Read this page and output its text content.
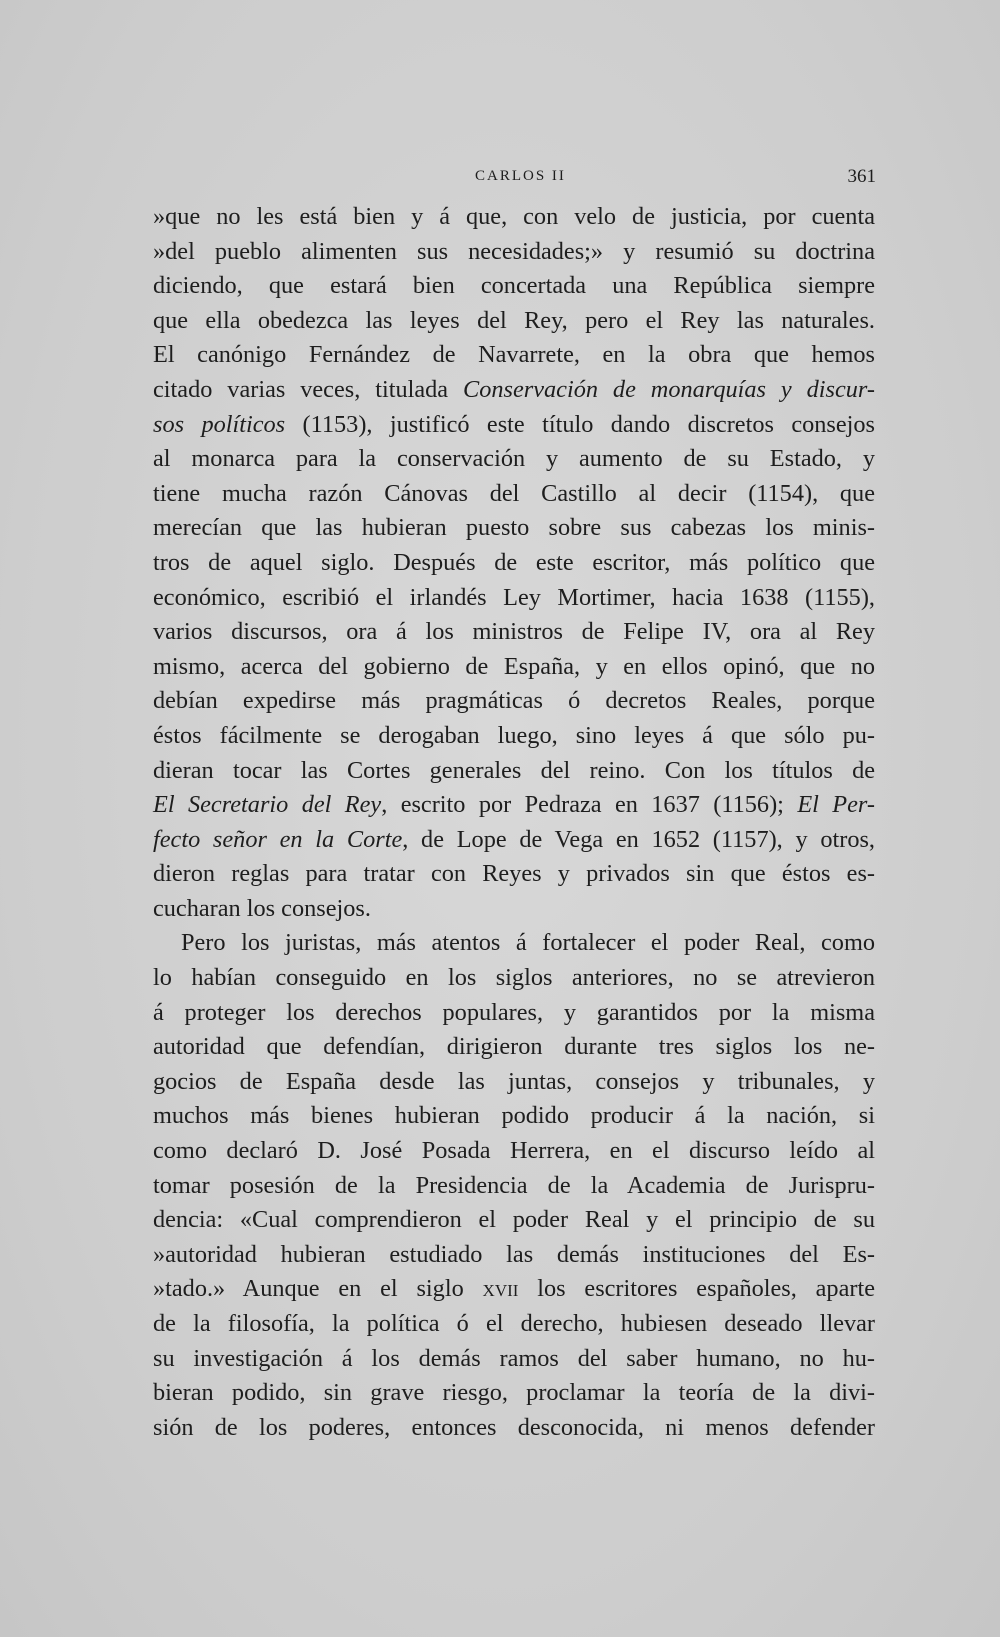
CARLOS II	361
»que no les está bien y á que, con velo de justicia, por cuenta
»del pueblo alimenten sus necesidades;» y resumió su doctrina
diciendo, que estará bien concertada una República siempre
que ella obedezca las leyes del Rey, pero el Rey las naturales.
El canónigo Fernández de Navarrete, en la obra que hemos
citado varias veces, titulada Conservación de monarquías y discur-
sos políticos (1153), justificó este título dando discretos consejos
al monarca para la conservación y aumento de su Estado, y
tiene mucha razón Cánovas del Castillo al decir (1154), que
merecían que las hubieran puesto sobre sus cabezas los minis-
tros de aquel siglo. Después de este escritor, más político que
económico, escribió el irlandés Ley Mortimer, hacia 1638 (1155),
varios discursos, ora á los ministros de Felipe IV, ora al Rey
mismo, acerca del gobierno de España, y en ellos opinó, que no
debían expedirse más pragmáticas ó decretos Reales, porque
éstos fácilmente se derogaban luego, sino leyes á que sólo pu-
dieran tocar las Cortes generales del reino. Con los títulos de
El Secretario del Rey, escrito por Pedraza en 1637 (1156); El Per-
fecto señor en la Corte, de Lope de Vega en 1652 (1157), y otros,
dieron reglas para tratar con Reyes y privados sin que éstos es-
cucharan los consejos.
Pero los juristas, más atentos á fortalecer el poder Real, como
lo habían conseguido en los siglos anteriores, no se atrevieron
á proteger los derechos populares, y garantidos por la misma
autoridad que defendían, dirigieron durante tres siglos los ne-
gocios de España desde las juntas, consejos y tribunales, y
muchos más bienes hubieran podido producir á la nación, si
como declaró D. José Posada Herrera, en el discurso leído al
tomar posesión de la Presidencia de la Academia de Jurispru-
dencia: «Cual comprendieron el poder Real y el principio de su
»autoridad hubieran estudiado las demás instituciones del Es-
»tado.» Aunque en el siglo xvii los escritores españoles, aparte
de la filosofía, la política ó el derecho, hubiesen deseado llevar
su investigación á los demás ramos del saber humano, no hu-
bieran podido, sin grave riesgo, proclamar la teoría de la divi-
sión de los poderes, entonces desconocida, ni menos defender
